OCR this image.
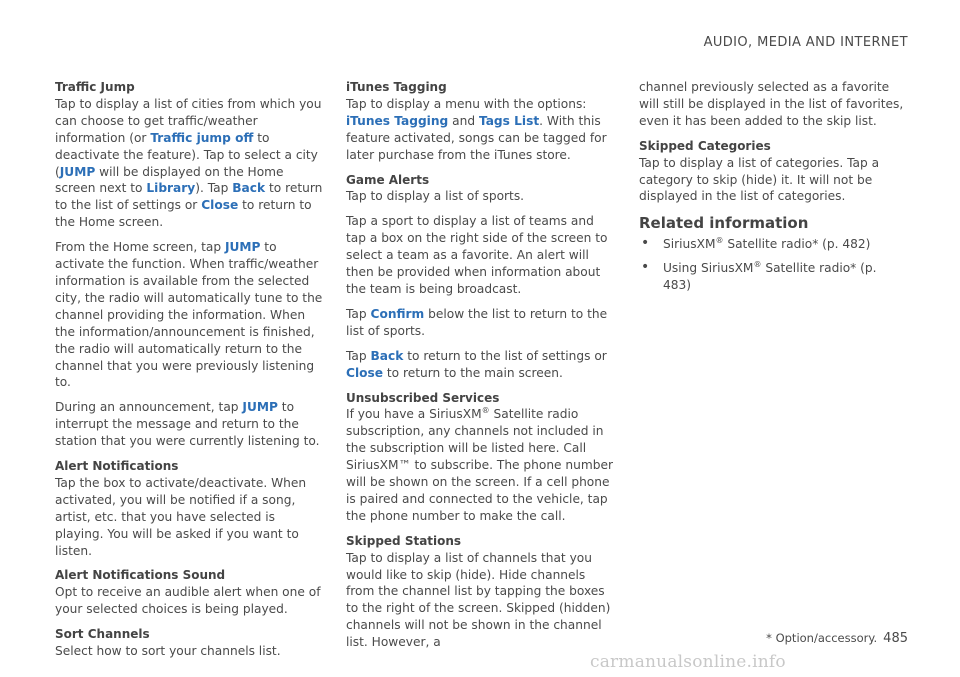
AUDIO, MEDIA AND INTERNET
Traffic Jump

Tap to display a list of cities from which you can choose to get traffic/weather information (or Traffic jump off to deactivate the feature). Tap to select a city (JUMP will be displayed on the Home screen next to Library). Tap Back to return to the list of settings or Close to return to the Home screen.

From the Home screen, tap JUMP to activate the function. When traffic/weather information is available from the selected city, the radio will automatically tune to the channel providing the information. When the information/announcement is finished, the radio will automatically return to the channel that you were previously listening to.

During an announcement, tap JUMP to interrupt the message and return to the station that you were currently listening to.

Alert Notifications

Tap the box to activate/deactivate. When activated, you will be notified if a song, artist, etc. that you have selected is playing. You will be asked if you want to listen.

Alert Notifications Sound

Opt to receive an audible alert when one of your selected choices is being played.

Sort Channels

Select how to sort your channels list.

iTunes Tagging

Tap to display a menu with the options: iTunes Tagging and Tags List. With this feature activated, songs can be tagged for later purchase from the iTunes store.

Game Alerts

Tap to display a list of sports.

Tap a sport to display a list of teams and tap a box on the right side of the screen to select a team as a favorite. An alert will then be provided when information about the team is being broadcast.

Tap Confirm below the list to return to the list of sports.

Tap Back to return to the list of settings or Close to return to the main screen.

Unsubscribed Services

If you have a SiriusXM® Satellite radio subscription, any channels not included in the subscription will be listed here. Call SiriusXM™ to subscribe. The phone number will be shown on the screen. If a cell phone is paired and connected to the vehicle, tap the phone number to make the call.

Skipped Stations

Tap to display a list of channels that you would like to skip (hide). Hide channels from the channel list by tapping the boxes to the right of the screen. Skipped (hidden) channels will not be shown in the channel list. However, a

channel previously selected as a favorite will still be displayed in the list of favorites, even it has been added to the skip list.

Skipped Categories

Tap to display a list of categories. Tap a category to skip (hide) it. It will not be displayed in the list of categories.

Related information
• SiriusXM® Satellite radio* (p. 482)
• Using SiriusXM® Satellite radio* (p. 483)
* Option/accessory. 485
carmanualsonline.info
